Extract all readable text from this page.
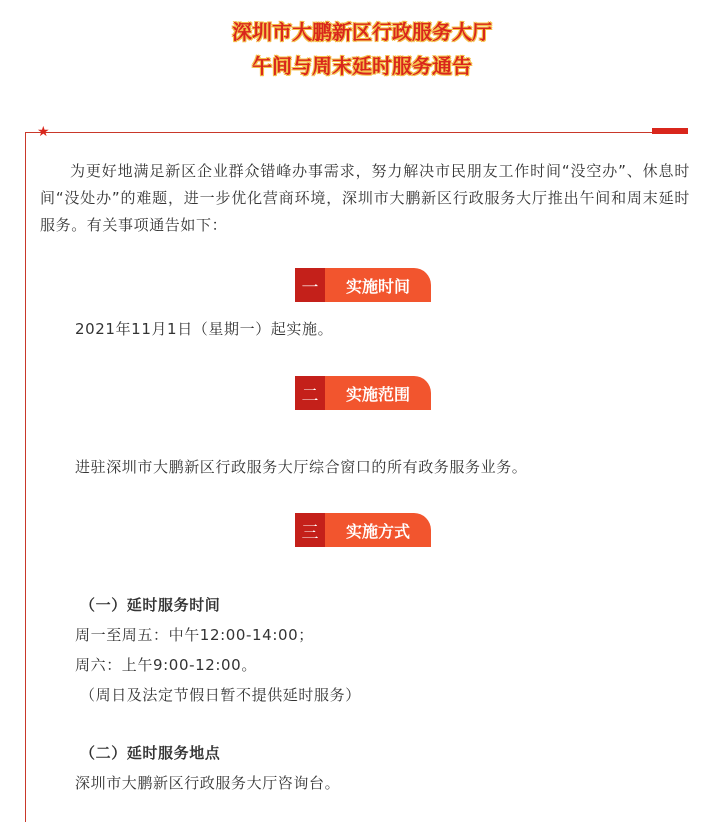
深圳市大鹏新区行政服务大厅
午间与周末延时服务通告
★
为更好地满足新区企业群众错峰办事需求，努力解决市民朋友工作时间“没空办”、休息时间“没处办”的难题，进一步优化营商环境，深圳市大鹏新区行政服务大厅推出午间和周末延时服务。有关事项通告如下：
一	实施时间
2021年11月1日（星期一）起实施。
二	实施范围
进驻深圳市大鹏新区行政服务大厅综合窗口的所有政务服务业务。
三	实施方式
（一）延时服务时间
周一至周五：中午12:00-14:00；
周六：上午9:00-12:00。
（周日及法定节假日暂不提供延时服务）
（二）延时服务地点
深圳市大鹏新区行政服务大厅咨询台。
